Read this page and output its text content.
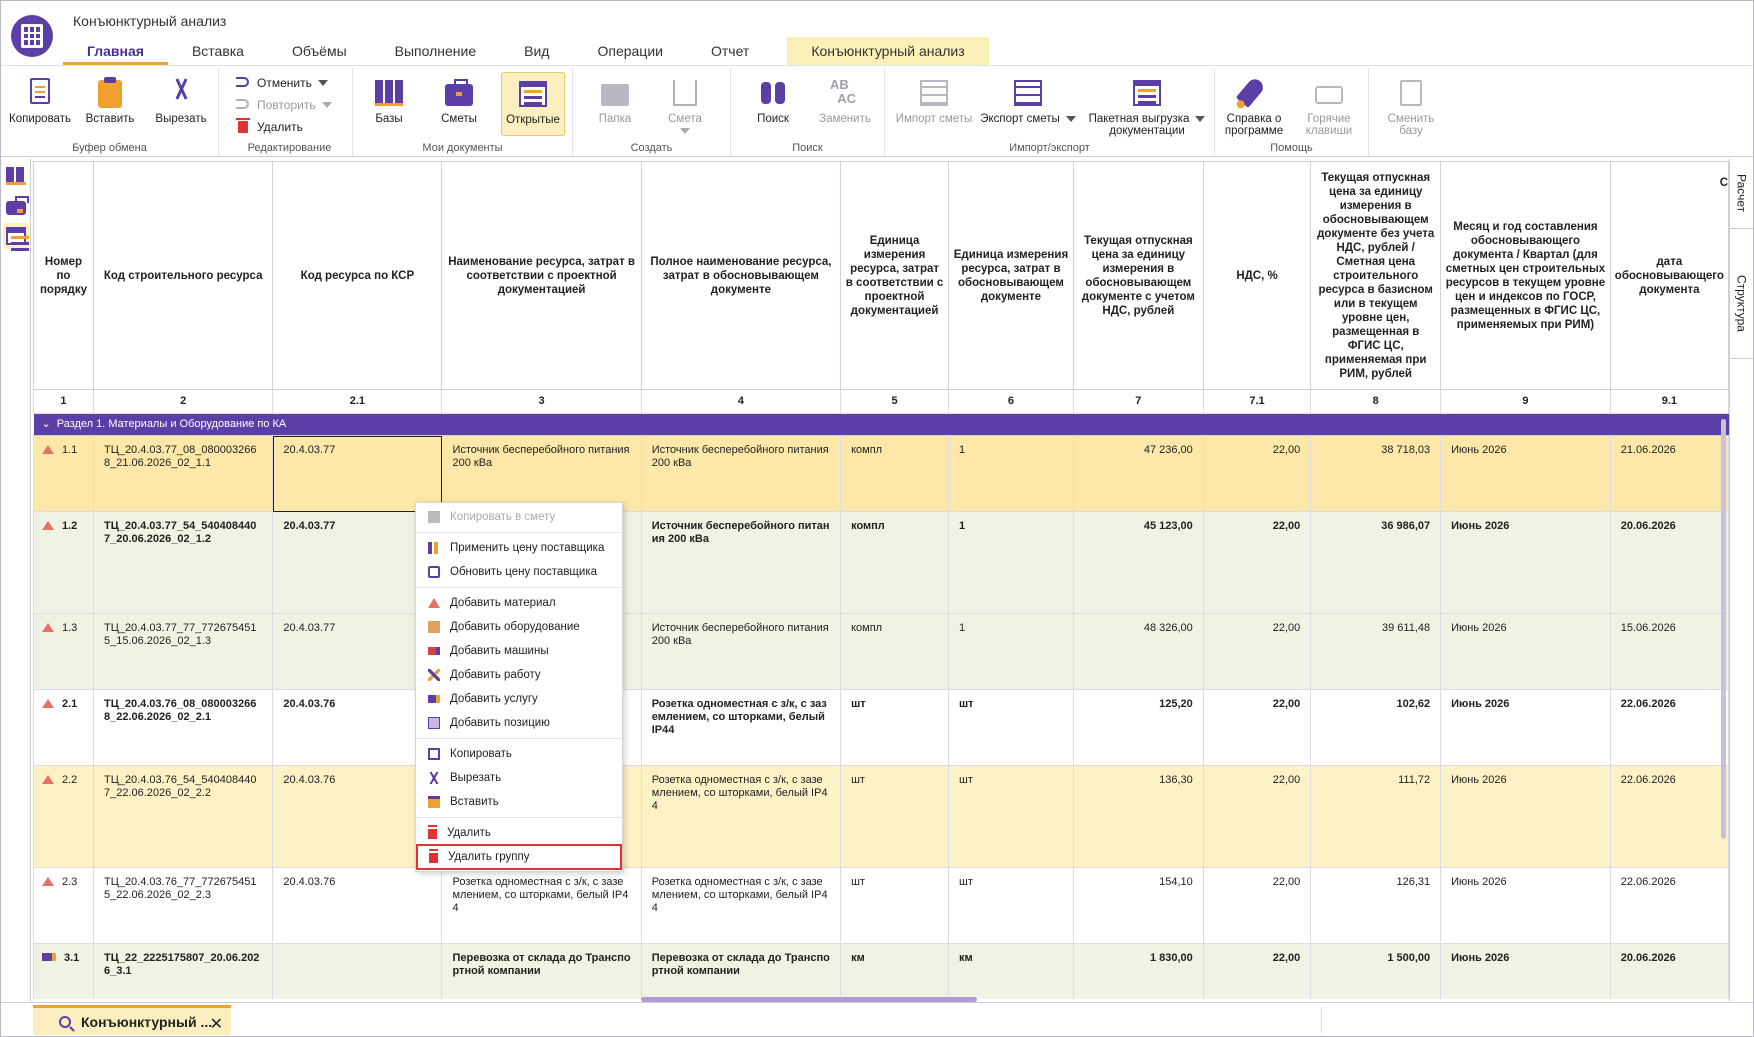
Конъюнктурный анализ
Главная	Вставка	Объёмы	Выполнение	Вид	Операции	Отчет	Конъюнктурный анализ
Копировать	Вставить	Вырезать
Буфер обмена
Отменить
Повторить
Удалить
Редактирование
Базы	Сметы	Открытые
Мои документы
Папка	Смета
Создать
Поиск
AB
AC
Заменить
Поиск
Импорт сметы Экспорт сметы	Пакетная выгрузка
документации
Импорт/экспорт
Справка о
программе
Горячие
клавиши
Помощь
Сменить
базу
Расчет
Структура
Номер по порядку	Код строительного ресурса	Код ресурса по КСР	Наименование ресурса, затрат в соответствии с проектной документацией	Полное наименование ресурса, затрат в обосновывающем документе	Единица измерения ресурса, затрат в соответствии с проектной документацией	Единица измерения ресурса, затрат в обосновывающем документе	Текущая отпускная цена за единицу измерения в обосновывающем документе с учетом НДС, рублей	НДС, %	Текущая отпускная цена за единицу измерения в обосновывающем документе без учета НДС, рублей / Сметная цена строительного ресурса в базисном или в текущем уровне цен, размещенная в ФГИС ЦС, применяемая при РИМ, рублей	Месяц и год составления обосновывающего документа / Квартал (для сметных цен строительных ресурсов в текущем уровне цен и индексов по ГОСР, размещенных в ФГИС ЦС, применяемых при РИМ)	С
дата обосновывающего документа
1	2	2.1	3	4	5	6	7	7.1	8	9	9.1
⌄ Раздел 1. Материалы и Оборудование по КА											
1.1	ТЦ_20.4.03.77_08_0800032668_21.06.2026_02_1.1	20.4.03.77	Источник бесперебойного питания 200 кВа	Источник бесперебойного питания 200 кВа	компл	1	47 236,00	22,00	38 718,03	Июнь 2026	21.06.2026
1.2	ТЦ_20.4.03.77_54_5404084407_20.06.2026_02_1.2	20.4.03.77		Источник бесперебойного питания 200 кВа	компл	1	45 123,00	22,00	36 986,07	Июнь 2026	20.06.2026
1.3	ТЦ_20.4.03.77_77_7726754515_15.06.2026_02_1.3	20.4.03.77		Источник бесперебойного питания 200 кВа	компл	1	48 326,00	22,00	39 611,48	Июнь 2026	15.06.2026
2.1	ТЦ_20.4.03.76_08_0800032668_22.06.2026_02_2.1	20.4.03.76		Розетка одноместная с з/к, с заземлением, со шторками, белый IP44	шт	шт	125,20	22,00	102,62	Июнь 2026	22.06.2026
2.2	ТЦ_20.4.03.76_54_5404084407_22.06.2026_02_2.2	20.4.03.76		Розетка одноместная с з/к, с заземлением, со шторками, белый IP44	шт	шт	136,30	22,00	111,72	Июнь 2026	22.06.2026
2.3	ТЦ_20.4.03.76_77_7726754515_22.06.2026_02_2.3	20.4.03.76	Розетка одноместная с з/к, с заземлением, со шторками, белый IP44	Розетка одноместная с з/к, с заземлением, со шторками, белый IP44	шт	шт	154,10	22,00	126,31	Июнь 2026	22.06.2026
3.1	ТЦ_22_2225175807_20.06.2026_3.1		Перевозка от склада до Транспортной компании	Перевозка от склада до Транспортной компании	км	км	1 830,00	22,00	1 500,00	Июнь 2026	20.06.2026
Копировать в смету
Применить цену поставщика
Обновить цену поставщика
Добавить материал
Добавить оборудование
Добавить машины
Добавить работу
Добавить услугу
Добавить позицию
Копировать
Вырезать
Вставить
Удалить
Удалить группу
Конъюнктурный ...
✕
